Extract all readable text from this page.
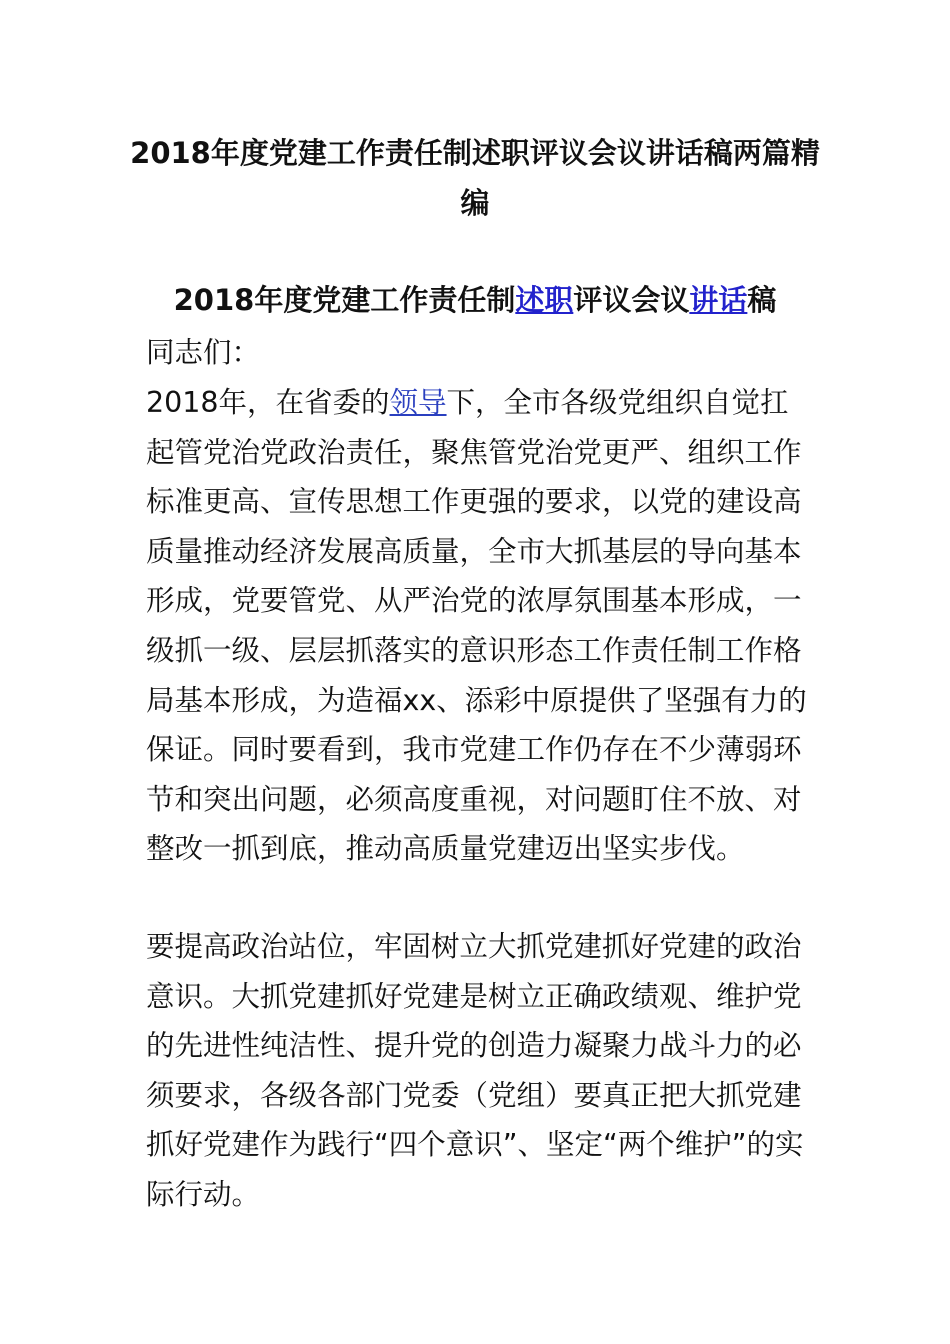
2018年度党建工作责任制述职评议会议讲话稿两篇精编
2018年度党建工作责任制述职评议会议讲话稿

同志们：

2018年，在省委的领导下，全市各级党组织自觉扛起管党治党政治责任，聚焦管党治党更严、组织工作标准更高、宣传思想工作更强的要求，以党的建设高质量推动经济发展高质量，全市大抓基层的导向基本形成，党要管党、从严治党的浓厚氛围基本形成，一级抓一级、层层抓落实的意识形态工作责任制工作格局基本形成，为造福xx、添彩中原提供了坚强有力的保证。同时要看到，我市党建工作仍存在不少薄弱环节和突出问题，必须高度重视，对问题盯住不放、对整改一抓到底，推动高质量党建迈出坚实步伐。

要提高政治站位，牢固树立大抓党建抓好党建的政治意识。大抓党建抓好党建是树立正确政绩观、维护党的先进性纯洁性、提升党的创造力凝聚力战斗力的必须要求，各级各部门党委（党组）要真正把大抓党建抓好党建作为践行“四个意识”、坚定“两个维护”的实际行动。
